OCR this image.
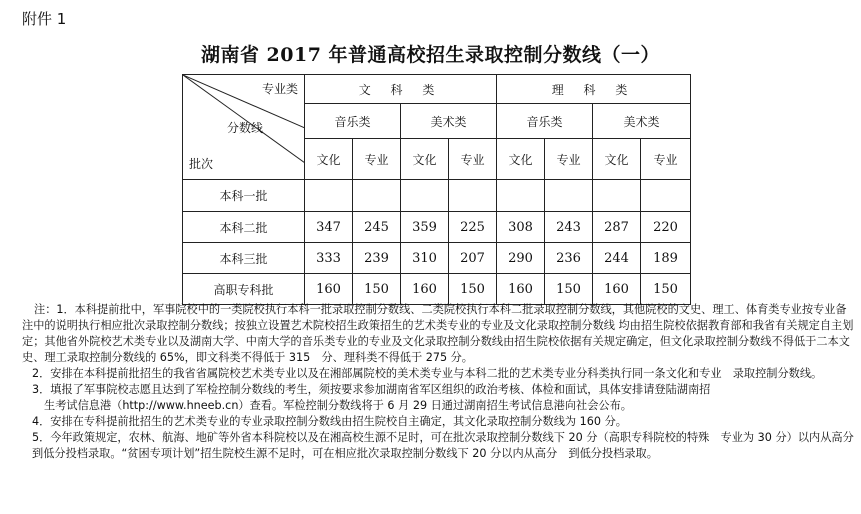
附件 1
湖南省 2017 年普通高校招生录取控制分数线（一）
专业类
分数线
批次	文 科 类				理 科 类			
	音乐类		美术类		音乐类		美术类	
	文化	专业	文化	专业	文化	专业	文化	专业
本科一批								
本科二批	347	245	359	225	308	243	287	220
本科三批	333	239	310	207	290	236	244	189
高职专科批	160	150	160	150	160	150	160	150

注：1．本科提前批中，军事院校中的一类院校执行本科一批录取控制分数线、二类院校执行本科二批录取控制分数线，其他院校的文史、理工、体育类专业按专业备注中的说明执行相应批次录取控制分数线；按独立设置艺术院校招生政策招生的艺术类专业的专业及文化录取控制分数线 均由招生院校依据教育部和我省有关规定自主划定；其他省外院校艺术类专业以及湖南大学、中南大学的音乐类专业的专业及文化录取控制分数线由招生院校依据有关规定确定，但文化录取控制分数线不得低于二本文史、理工录取控制分数线的 65%，即文科类不得低于 315　分、理科类不得低于 275 分。

2．安排在本科提前批招生的我省省属院校艺术类专业以及在湘部属院校的美术类专业与本科二批的艺术类专业分科类执行同一条文化和专业　录取控制分数线。

3．填报了军事院校志愿且达到了军检控制分数线的考生，须按要求参加湖南省军区组织的政治考核、体检和面试，具体安排请登陆湖南招

生考试信息港（http://www.hneeb.cn）查看。军检控制分数线将于 6 月 29 日通过湖南招生考试信息港向社会公布。

4．安排在专科提前批招生的艺术类专业的专业录取控制分数线由招生院校自主确定，其文化录取控制分数线为 160 分。

5．今年政策规定，农林、航海、地矿等外省本科院校以及在湘高校生源不足时，可在批次录取控制分数线下 20 分（高职专科院校的特殊　专业为 30 分）以内从高分到低分投档录取。“贫困专项计划”招生院校生源不足时，可在相应批次录取控制分数线下 20 分以内从高分　到低分投档录取。
